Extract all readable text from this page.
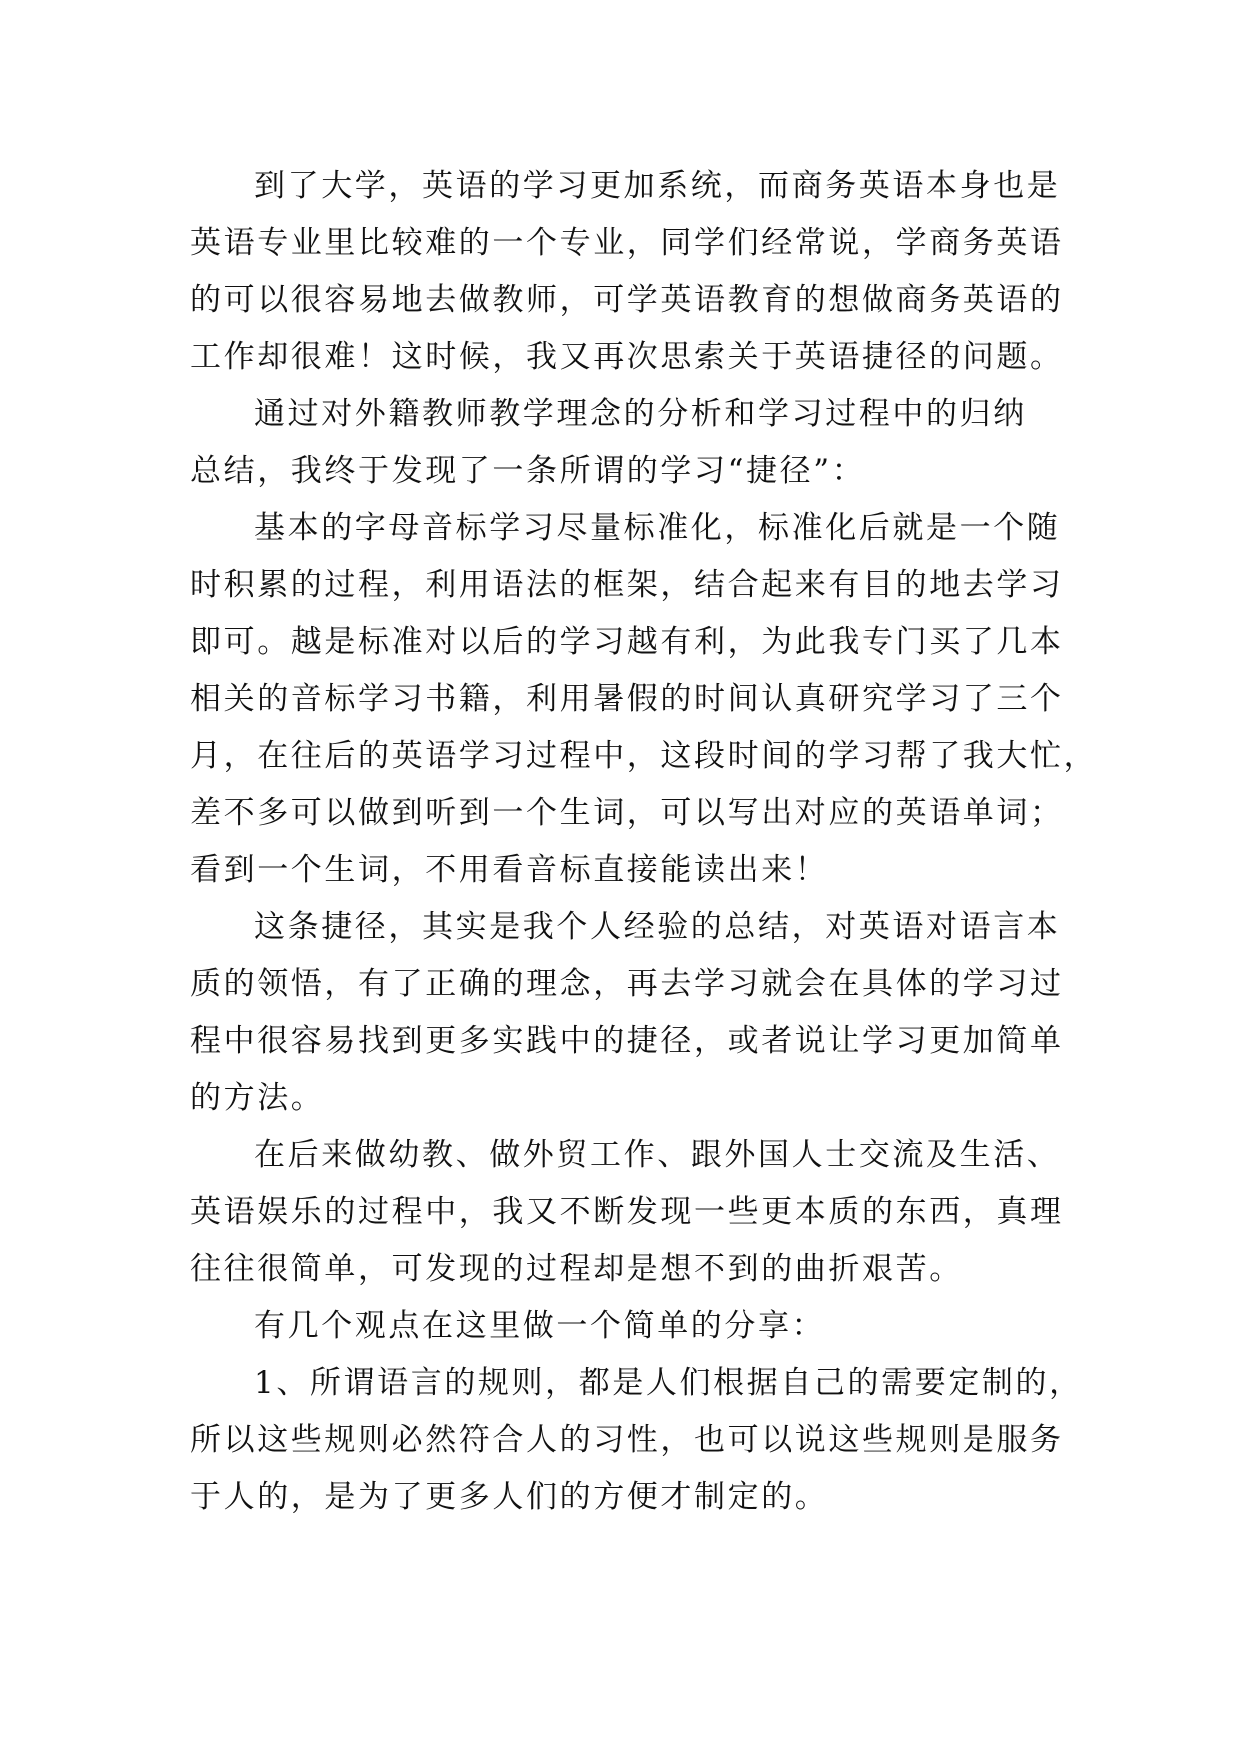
到了大学，英语的学习更加系统，而商务英语本身也是
英语专业里比较难的一个专业，同学们经常说，学商务英语
的可以很容易地去做教师，可学英语教育的想做商务英语的
工作却很难！这时候，我又再次思索关于英语捷径的问题。
通过对外籍教师教学理念的分析和学习过程中的归纳
总结，我终于发现了一条所谓的学习“捷径”：
基本的字母音标学习尽量标准化，标准化后就是一个随
时积累的过程，利用语法的框架，结合起来有目的地去学习
即可。越是标准对以后的学习越有利，为此我专门买了几本
相关的音标学习书籍，利用暑假的时间认真研究学习了三个
月，在往后的英语学习过程中，这段时间的学习帮了我大忙，
差不多可以做到听到一个生词，可以写出对应的英语单词；
看到一个生词，不用看音标直接能读出来！
这条捷径，其实是我个人经验的总结，对英语对语言本
质的领悟，有了正确的理念，再去学习就会在具体的学习过
程中很容易找到更多实践中的捷径，或者说让学习更加简单
的方法。
在后来做幼教、做外贸工作、跟外国人士交流及生活、
英语娱乐的过程中，我又不断发现一些更本质的东西，真理
往往很简单，可发现的过程却是想不到的曲折艰苦。
有几个观点在这里做一个简单的分享：
1、所谓语言的规则，都是人们根据自己的需要定制的，
所以这些规则必然符合人的习性，也可以说这些规则是服务
于人的，是为了更多人们的方便才制定的。
